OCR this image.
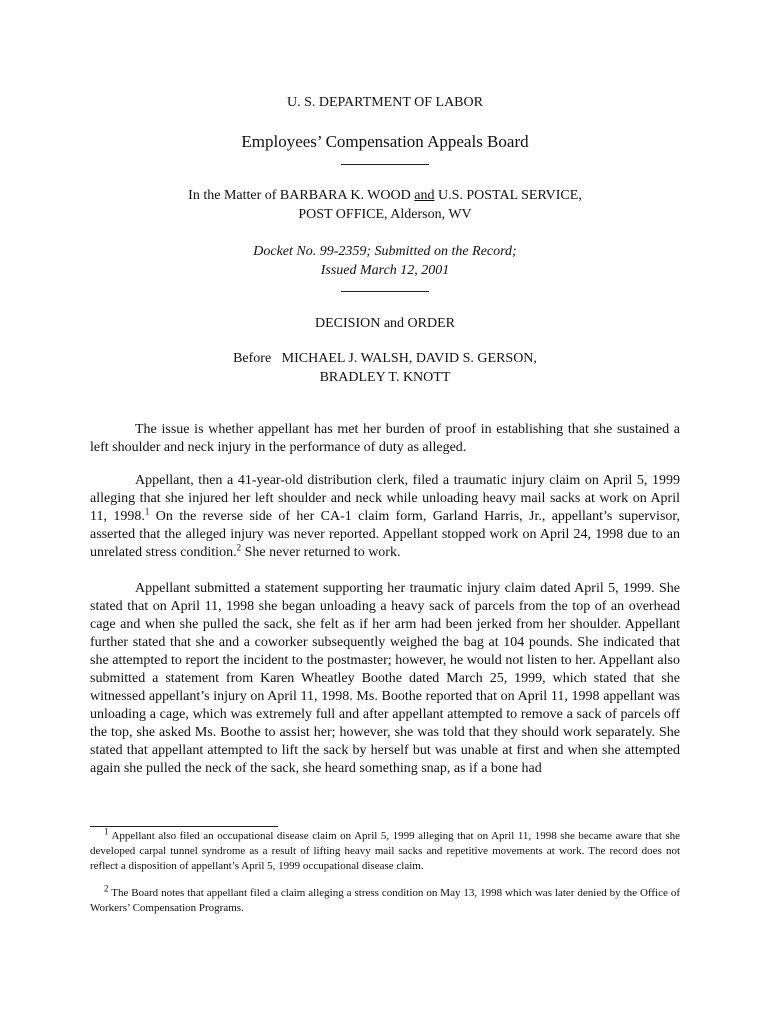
U. S. DEPARTMENT OF LABOR
Employees’ Compensation Appeals Board
In the Matter of BARBARA K. WOOD and U.S. POSTAL SERVICE,
POST OFFICE, Alderson, WV
Docket No. 99-2359; Submitted on the Record;
Issued March 12, 2001
DECISION and ORDER
Before   MICHAEL J. WALSH, DAVID S. GERSON,
BRADLEY T. KNOTT

The issue is whether appellant has met her burden of proof in establishing that she sustained a left shoulder and neck injury in the performance of duty as alleged.

Appellant, then a 41-year-old distribution clerk, filed a traumatic injury claim on April 5, 1999 alleging that she injured her left shoulder and neck while unloading heavy mail sacks at work on April 11, 1998.$^1$ On the reverse side of her CA-1 claim form, Garland Harris, Jr., appellant’s supervisor, asserted that the alleged injury was never reported. Appellant stopped work on April 24, 1998 due to an unrelated stress condition.$^2$ She never returned to work.

Appellant submitted a statement supporting her traumatic injury claim dated April 5, 1999. She stated that on April 11, 1998 she began unloading a heavy sack of parcels from the top of an overhead cage and when she pulled the sack, she felt as if her arm had been jerked from her shoulder. Appellant further stated that she and a coworker subsequently weighed the bag at 104 pounds. She indicated that she attempted to report the incident to the postmaster; however, he would not listen to her. Appellant also submitted a statement from Karen Wheatley Boothe dated March 25, 1999, which stated that she witnessed appellant’s injury on April 11, 1998. Ms. Boothe reported that on April 11, 1998 appellant was unloading a cage, which was extremely full and after appellant attempted to remove a sack of parcels off the top, she asked Ms. Boothe to assist her; however, she was told that they should work separately. She stated that appellant attempted to lift the sack by herself but was unable at first and when she attempted again she pulled the neck of the sack, she heard something snap, as if a bone had

$^1$ Appellant also filed an occupational disease claim on April 5, 1999 alleging that on April 11, 1998 she became aware that she developed carpal tunnel syndrome as a result of lifting heavy mail sacks and repetitive movements at work. The record does not reflect a disposition of appellant’s April 5, 1999 occupational disease claim.

$^2$ The Board notes that appellant filed a claim alleging a stress condition on May 13, 1998 which was later denied by the Office of Workers’ Compensation Programs.
